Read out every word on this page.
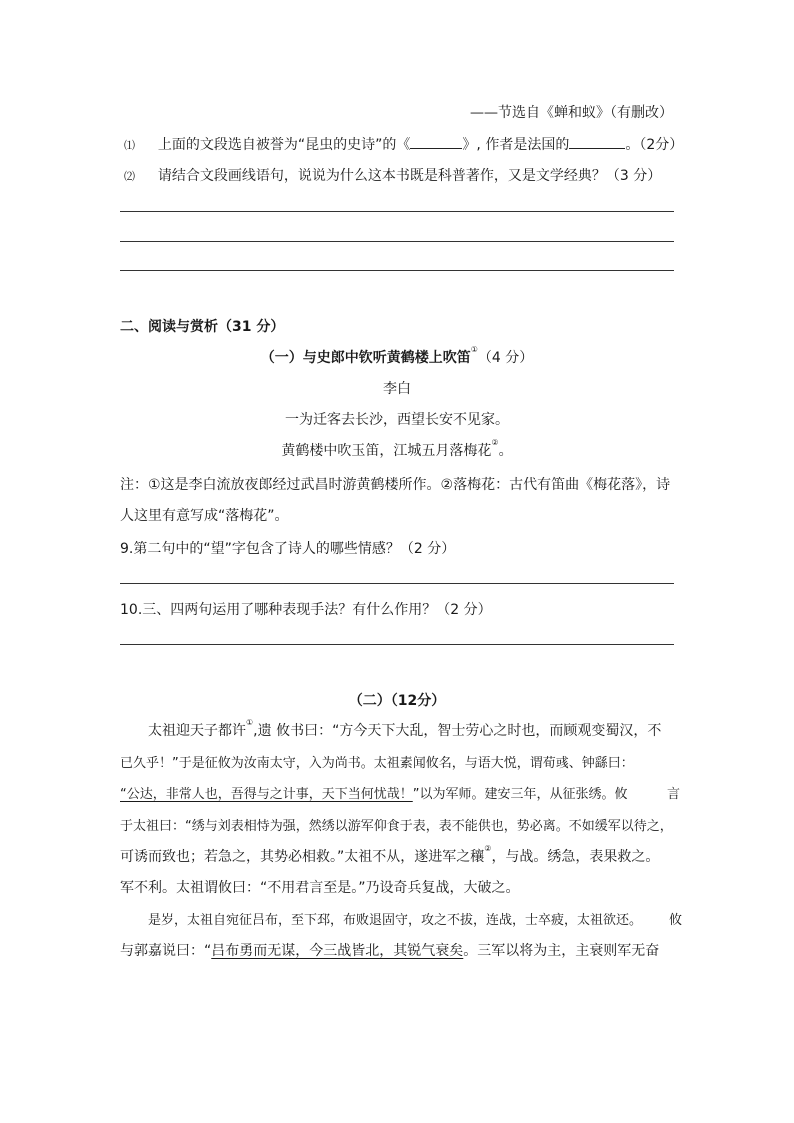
——节选自《蝉和蚁》（有删改）
⑴ 上面的文段选自被誉为“昆虫的史诗”的《	》, 作者是法国的	。（2分）
⑵ 请结合文段画线语句，说说为什么这本书既是科普著作，又是文学经典？（3 分）
二、阅读与赏析（31 分）
（一）与史郎中钦听黄鹤楼上吹笛①（4 分）
李白
一为迁客去长沙，西望长安不见家。
黄鹤楼中吹玉笛，江城五月落梅花②。
注：①这是李白流放夜郎经过武昌时游黄鹤楼所作。②落梅花：古代有笛曲《梅花落》，诗
人这里有意写成“落梅花”。
9.第二句中的“望”字包含了诗人的哪些情感？（2 分）
10.三、四两句运用了哪种表现手法？有什么作用？（2 分）
（二）（12分）
太祖迎天子都许①,遗 攸书曰：“方今天下大乱，智士劳心之时也，而顾观变蜀汉，不
已久乎！”于是征攸为汝南太守，入为尚书。太祖素闻攸名，与语大悦，谓荀彧、钟繇曰：
“公达，非常人也，吾得与之计事，天下当何忧哉！”以为军师。建安三年，从征张绣。攸	言
于太祖曰：“绣与刘表相恃为强，然绣以游军仰食于表，表不能供也，势必离。不如缓军以待之，
可诱而致也；若急之，其势必相救。”太祖不从，遂进军之穰②，与战。绣急，表果救之。
军不利。太祖谓攸曰：“不用君言至是。”乃设奇兵复战，大破之。
是岁，太祖自宛征吕布，至下邳，布败退固守，攻之不拔，连战，士卒疲，太祖欲还。 攸
与郭嘉说曰：“吕布勇而无谋，今三战皆北，其锐气衰矣。三军以将为主，主衰则军无奋
